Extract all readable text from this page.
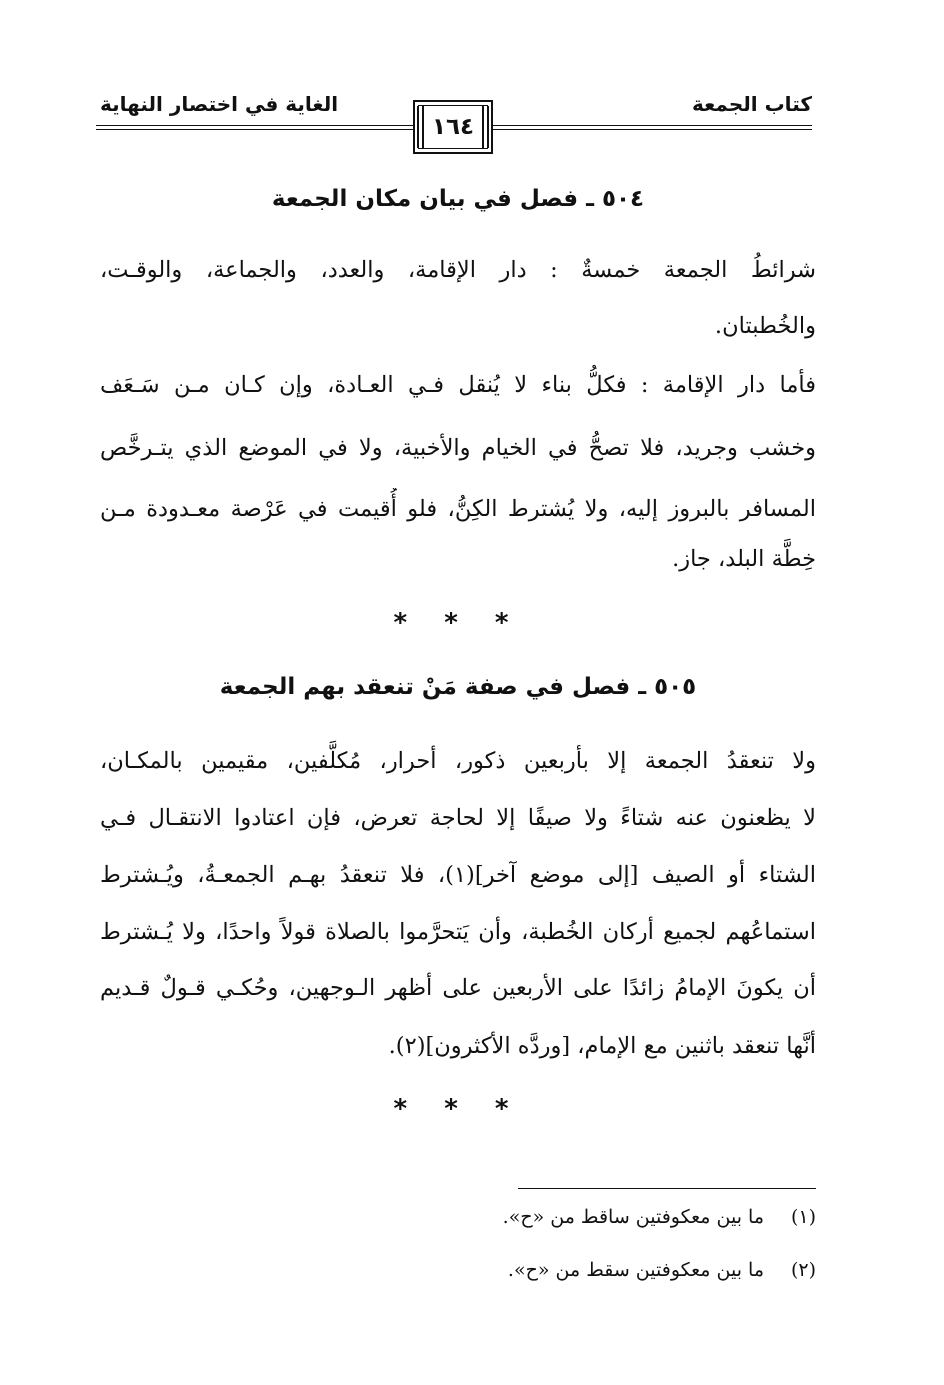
كتاب الجمعة
الغاية في اختصار النهاية
١٦٤
٥٠٤ ـ فصل في بيان مكان الجمعة
شرائطُ الجمعة خمسةٌ : دار الإقامة، والعدد، والجماعة، والوقـت،
والخُطبتان.
فأما دار الإقامة : فكلُّ بناء لا يُنقل فـي العـادة، وإن كـان مـن سَـعَف
وخشب وجريد، فلا تصحُّ في الخيام والأخبية، ولا في الموضع الذي يتـرخَّص
المسافر بالبروز إليه، ولا يُشترط الكِنُّ، فلو أُقيمت في عَرْصة معـدودة مـن
خِطَّة البلد، جاز.
* * *
٥٠٥ ـ فصل في صفة مَنْ تنعقد بهم الجمعة
ولا تنعقدُ الجمعة إلا بأربعين ذكور، أحرار، مُكلَّفين، مقيمين بالمكـان،
لا يظعنون عنه شتاءً ولا صيفًا إلا لحاجة تعرض، فإن اعتادوا الانتقـال فـي
الشتاء أو الصيف [إلى موضع آخر](١)، فلا تنعقدُ بهـم الجمعـةُ، ويُـشترط
استماعُهم لجميع أركان الخُطبة، وأن يَتحرَّموا بالصلاة قولاً واحدًا، ولا يُـشترط
أن يكونَ الإمامُ زائدًا على الأربعين على أظهر الـوجهين، وحُكـي قـولٌ قـديم
أنَّها تنعقد باثنين مع الإمام، [وردَّه الأكثرون](٢).
* * *
(١)ما بين معكوفتين ساقط من «ح».
(٢)ما بين معكوفتين سقط من «ح».
